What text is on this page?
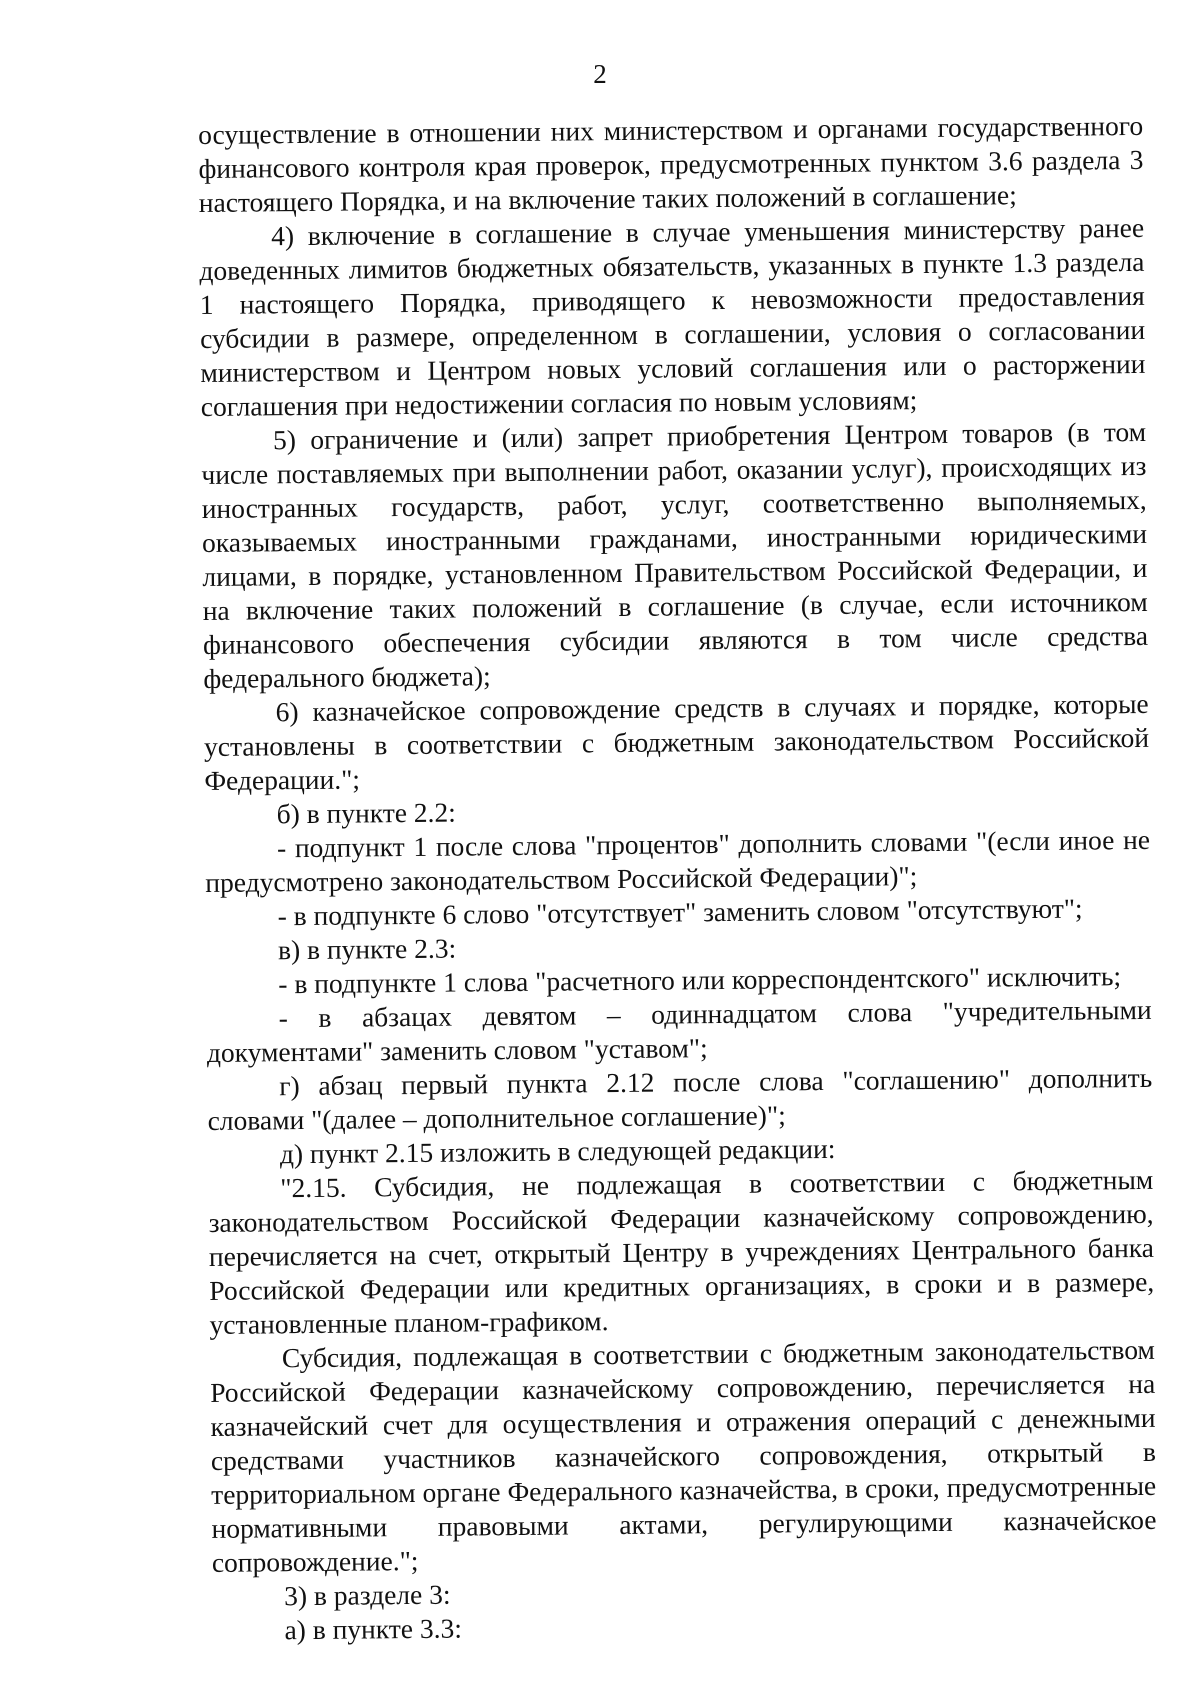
2

осуществление в отношении них министерством и органами государственного финансового контроля края проверок, предусмотренных пунктом 3.6 раздела 3 настоящего Порядка, и на включение таких положений в соглашение;

4) включение в соглашение в случае уменьшения министерству ранее доведенных лимитов бюджетных обязательств, указанных в пункте 1.3 раздела 1 настоящего Порядка, приводящего к невозможности предоставления субсидии в размере, определенном в соглашении, условия о согласовании министерством и Центром новых условий соглашения или о расторжении соглашения при недостижении согласия по новым условиям;

5) ограничение и (или) запрет приобретения Центром товаров (в том числе поставляемых при выполнении работ, оказании услуг), происходящих из иностранных государств, работ, услуг, соответственно выполняемых, оказываемых иностранными гражданами, иностранными юридическими лицами, в порядке, установленном Правительством Российской Федерации, и на включение таких положений в соглашение (в случае, если источником финансового обеспечения субсидии являются в том числе средства федерального бюджета);

6) казначейское сопровождение средств в случаях и порядке, которые установлены в соответствии с бюджетным законодательством Российской Федерации.";

б) в пункте 2.2:

- подпункт 1 после слова "процентов" дополнить словами "(если иное не предусмотрено законодательством Российской Федерации)";

- в подпункте 6 слово "отсутствует" заменить словом "отсутствуют";

в) в пункте 2.3:

- в подпункте 1 слова "расчетного или корреспондентского" исключить;

- в абзацах девятом – одиннадцатом слова "учредительными документами" заменить словом "уставом";

г) абзац первый пункта 2.12 после слова "соглашению" дополнить словами "(далее – дополнительное соглашение)";

д) пункт 2.15 изложить в следующей редакции:

"2.15. Субсидия, не подлежащая в соответствии с бюджетным законодательством Российской Федерации казначейскому сопровождению, перечисляется на счет, открытый Центру в учреждениях Центрального банка Российской Федерации или кредитных организациях, в сроки и в размере, установленные планом-графиком.

Субсидия, подлежащая в соответствии с бюджетным законодательством Российской Федерации казначейскому сопровождению, перечисляется на казначейский счет для осуществления и отражения операций с денежными средствами участников казначейского сопровождения, открытый в территориальном органе Федерального казначейства, в сроки, предусмотренные нормативными правовыми актами, регулирующими казначейское сопровождение.";

3) в разделе 3:

а) в пункте 3.3:
